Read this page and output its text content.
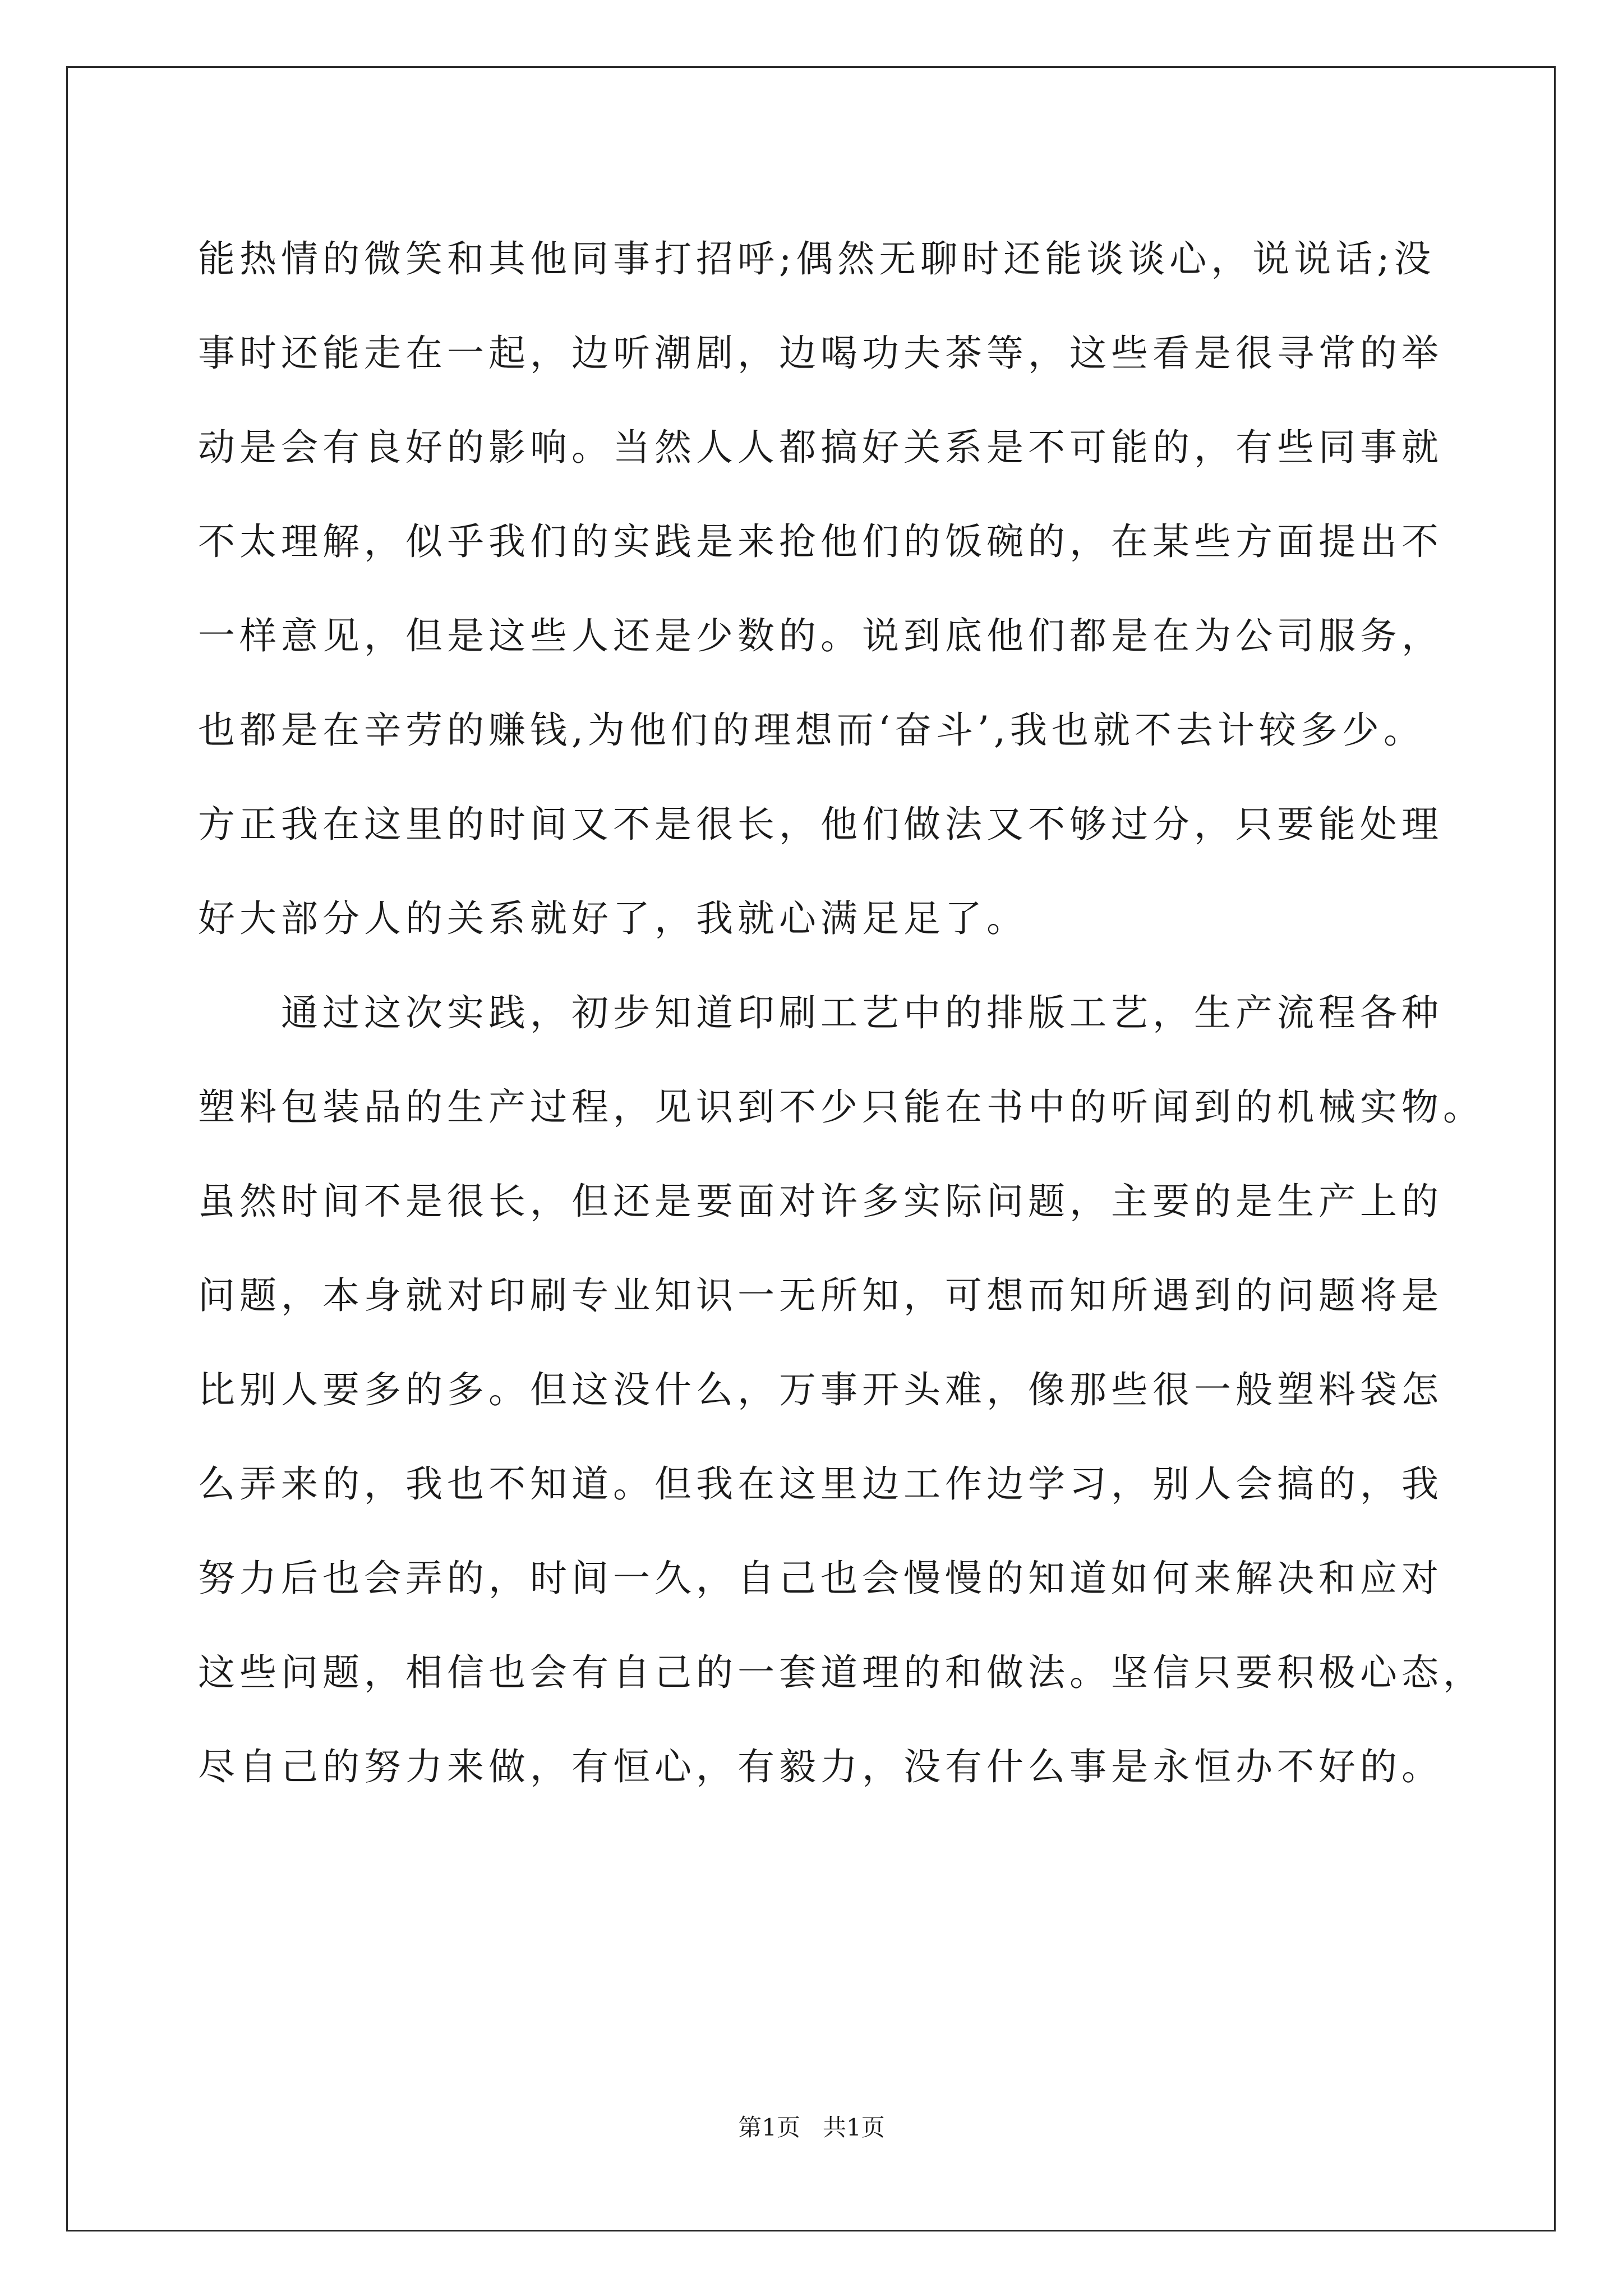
能热情的微笑和其他同事打招呼;偶然无聊时还能谈谈心，说说话;没
事时还能走在一起，边听潮剧，边喝功夫茶等，这些看是很寻常的举
动是会有良好的影响。当然人人都搞好关系是不可能的，有些同事就
不太理解，似乎我们的实践是来抢他们的饭碗的，在某些方面提出不
一样意见，但是这些人还是少数的。说到底他们都是在为公司服务，
也都是在辛劳的赚钱,为他们的理想而‘奋斗’,我也就不去计较多少。
方正我在这里的时间又不是很长，他们做法又不够过分，只要能处理
好大部分人的关系就好了，我就心满足足了。
通过这次实践，初步知道印刷工艺中的排版工艺，生产流程各种
塑料包装品的生产过程，见识到不少只能在书中的听闻到的机械实物。
虽然时间不是很长，但还是要面对许多实际问题，主要的是生产上的
问题，本身就对印刷专业知识一无所知，可想而知所遇到的问题将是
比别人要多的多。但这没什么，万事开头难，像那些很一般塑料袋怎
么弄来的，我也不知道。但我在这里边工作边学习，别人会搞的，我
努力后也会弄的，时间一久，自己也会慢慢的知道如何来解决和应对
这些问题，相信也会有自己的一套道理的和做法。坚信只要积极心态，
尽自己的努力来做，有恒心，有毅力，没有什么事是永恒办不好的。
第1页   共1页
